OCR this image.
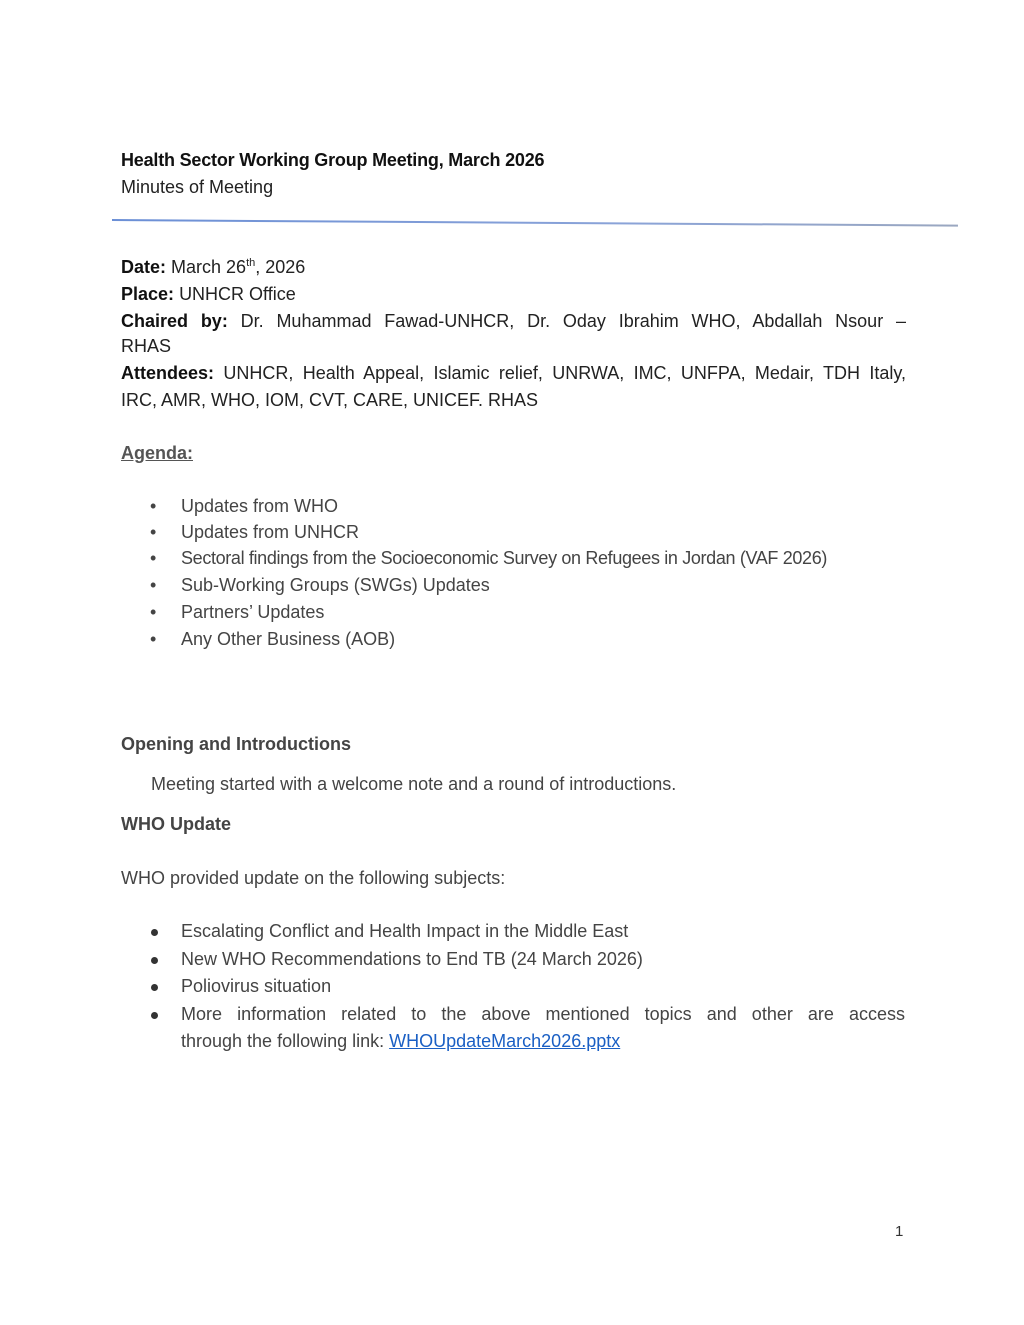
Health Sector Working Group Meeting, March 2026
Minutes of Meeting
Date: March 26th, 2026
Place: UNHCR Office
Chaired by: Dr. Muhammad Fawad-UNHCR, Dr. Oday Ibrahim WHO, Abdallah Nsour –
RHAS
Attendees: UNHCR, Health Appeal, Islamic relief, UNRWA, IMC, UNFPA, Medair, TDH Italy,
IRC, AMR, WHO, IOM, CVT, CARE, UNICEF. RHAS
Agenda:
• Updates from WHO
• Updates from UNHCR
• Sectoral findings from the Socioeconomic Survey on Refugees in Jordan (VAF 2026)
• Sub-Working Groups (SWGs) Updates
• Partners’ Updates
• Any Other Business (AOB)
Opening and Introductions
Meeting started with a welcome note and a round of introductions.
WHO Update
WHO provided update on the following subjects:
Escalating Conflict and Health Impact in the Middle East
New WHO Recommendations to End TB (24 March 2026)
Poliovirus situation
More information related to the above mentioned topics and other are access
through the following link: WHOUpdateMarch2026.pptx
1
